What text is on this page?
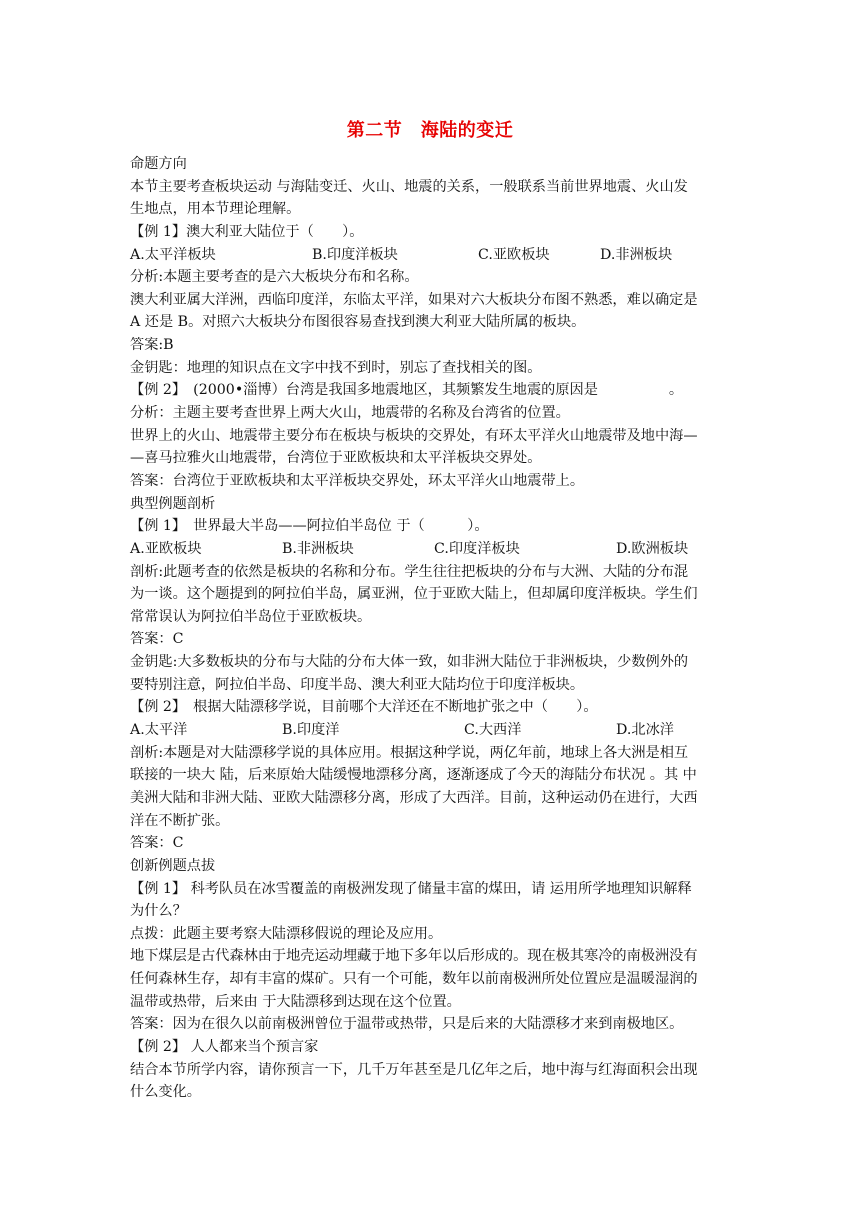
第二节　海陆的变迁
命题方向
本节主要考查板块运动 与海陆变迁、火山、地震的关系，一般联系当前世界地震、火山发
生地点，用本节理论理解。
【例 1】澳大利亚大陆位于（　　）。
A.太平洋板块	B.印度洋板块	C.亚欧板块	D.非洲板块
分析:本题主要考查的是六大板块分布和名称。
澳大利亚属大洋洲，西临印度洋，东临太平洋，如果对六大板块分布图不熟悉，难以确定是
A 还是 B。对照六大板块分布图很容易查找到澳大利亚大陆所属的板块。
答案:B
金钥匙：地理的知识点在文字中找不到时，别忘了查找相关的图。
【例 2】　(2000•淄博）台湾是我国多地震地区，其频繁发生地震的原因是　　　　　。
分析：主题主要考查世界上两大火山，地震带的名称及台湾省的位置。
世界上的火山、地震带主要分布在板块与板块的交界处，有环太平洋火山地震带及地中海—
—喜马拉雅火山地震带，台湾位于亚欧板块和太平洋板块交界处。
答案：台湾位于亚欧板块和太平洋板块交界处，环太平洋火山地震带上。
典型例题剖析
【例 1】　世界最大半岛——阿拉伯半岛位 于（　　　）。
A.亚欧板块	B.非洲板块	C.印度洋板块	D.欧洲板块
剖析:此题考查的依然是板块的名称和分布。学生往往把板块的分布与大洲、大陆的分布混
为一谈。这个题提到的阿拉伯半岛，属亚洲，位于亚欧大陆上，但却属印度洋板块。学生们
常常误认为阿拉伯半岛位于亚欧板块。
答案：C
金钥匙:大多数板块的分布与大陆的分布大体一致，如非洲大陆位于非洲板块，少数例外的
要特别注意，阿拉伯半岛、印度半岛、澳大利亚大陆均位于印度洋板块。
【例 2】　根据大陆漂移学说，目前哪个大洋还在不断地扩张之中（　　）。
A.太平洋	B.印度洋	C.大西洋	D.北冰洋
剖析:本题是对大陆漂移学说的具体应用。根据这种学说，两亿年前，地球上各大洲是相互
联接的一块大 陆，后来原始大陆缓慢地漂移分离，逐渐逐成了今天的海陆分布状况 。其 中
美洲大陆和非洲大陆、亚欧大陆漂移分离，形成了大西洋。目前，这种运动仍在进行，大西
洋在不断扩张。
答案：C
创新例题点拔
【例 1】 科考队员在冰雪覆盖的南极洲发现了储量丰富的煤田，请 运用所学地理知识解释
为什么？
点拨：此题主要考察大陆漂移假说的理论及应用。
地下煤层是古代森林由于地壳运动埋藏于地下多年以后形成的。现在极其寒冷的南极洲没有
任何森林生存，却有丰富的煤矿。只有一个可能，数年以前南极洲所处位置应是温暖湿润的
温带或热带，后来由 于大陆漂移到达现在这个位置。
答案：因为在很久以前南极洲曾位于温带或热带，只是后来的大陆漂移才来到南极地区。
【例 2】 人人都来当个预言家
结合本节所学内容，请你预言一下，几千万年甚至是几亿年之后，地中海与红海面积会出现
什么变化。
